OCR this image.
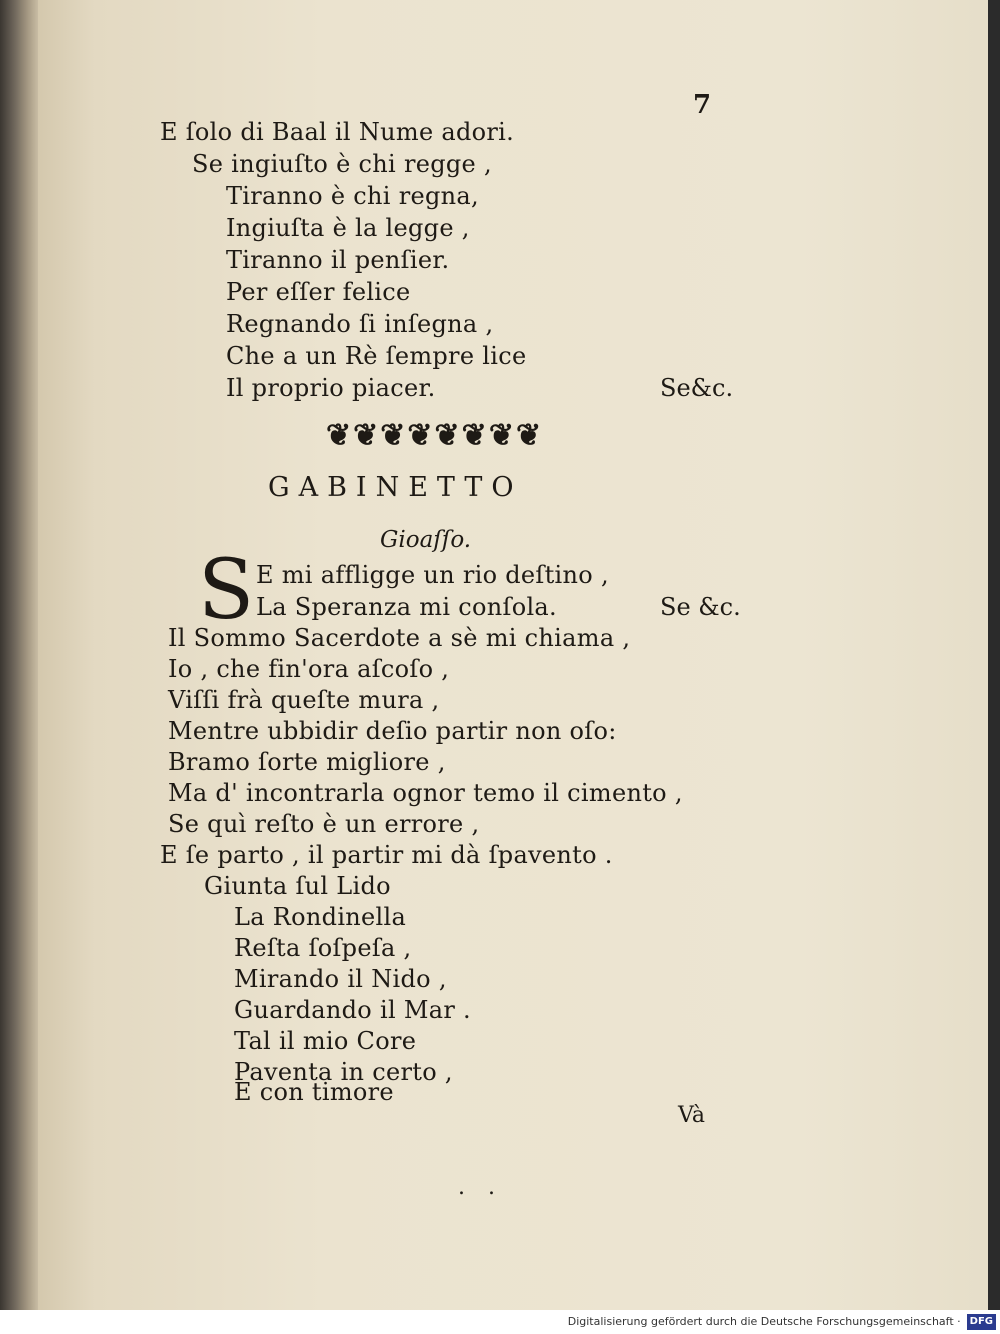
7
E ſolo di Baal il Nume adori.
Se ingiuſto è chi regge ,
Tiranno è chi regna,
Ingiuſta è la legge ,
Tiranno il penſier.
Per eſſer felice
Regnando ſi inſegna ,
Che a un Rè ſempre lice
Il proprio piacer.	Se&c.
❦❦❦❦❦❦❦❦
GABINETTO
Gioaſſo.
S E mi affligge un rio deſtino ,
La Speranza mi conſola.	Se &c.
Il Sommo Sacerdote a sè mi chiama ,
Io , che fin'ora aſcoſo ,
Viſſi frà queſte mura ,
Mentre ubbidir deſio partir non oſo:
Bramo ſorte migliore ,
Ma d' incontrarla ognor temo il cimento ,
Se quì reſto è un errore ,
E ſe parto , il partir mi dà ſpavento .
Giunta ſul Lido
La Rondinella
Reſta ſoſpeſa ,
Mirando il Nido ,
Guardando il Mar .
Tal il mio Core
Paventa in certo ,
E con timore
Và
. .
Digitalisierung gefördert durch die Deutsche Forschungsgemeinschaft · DFG
